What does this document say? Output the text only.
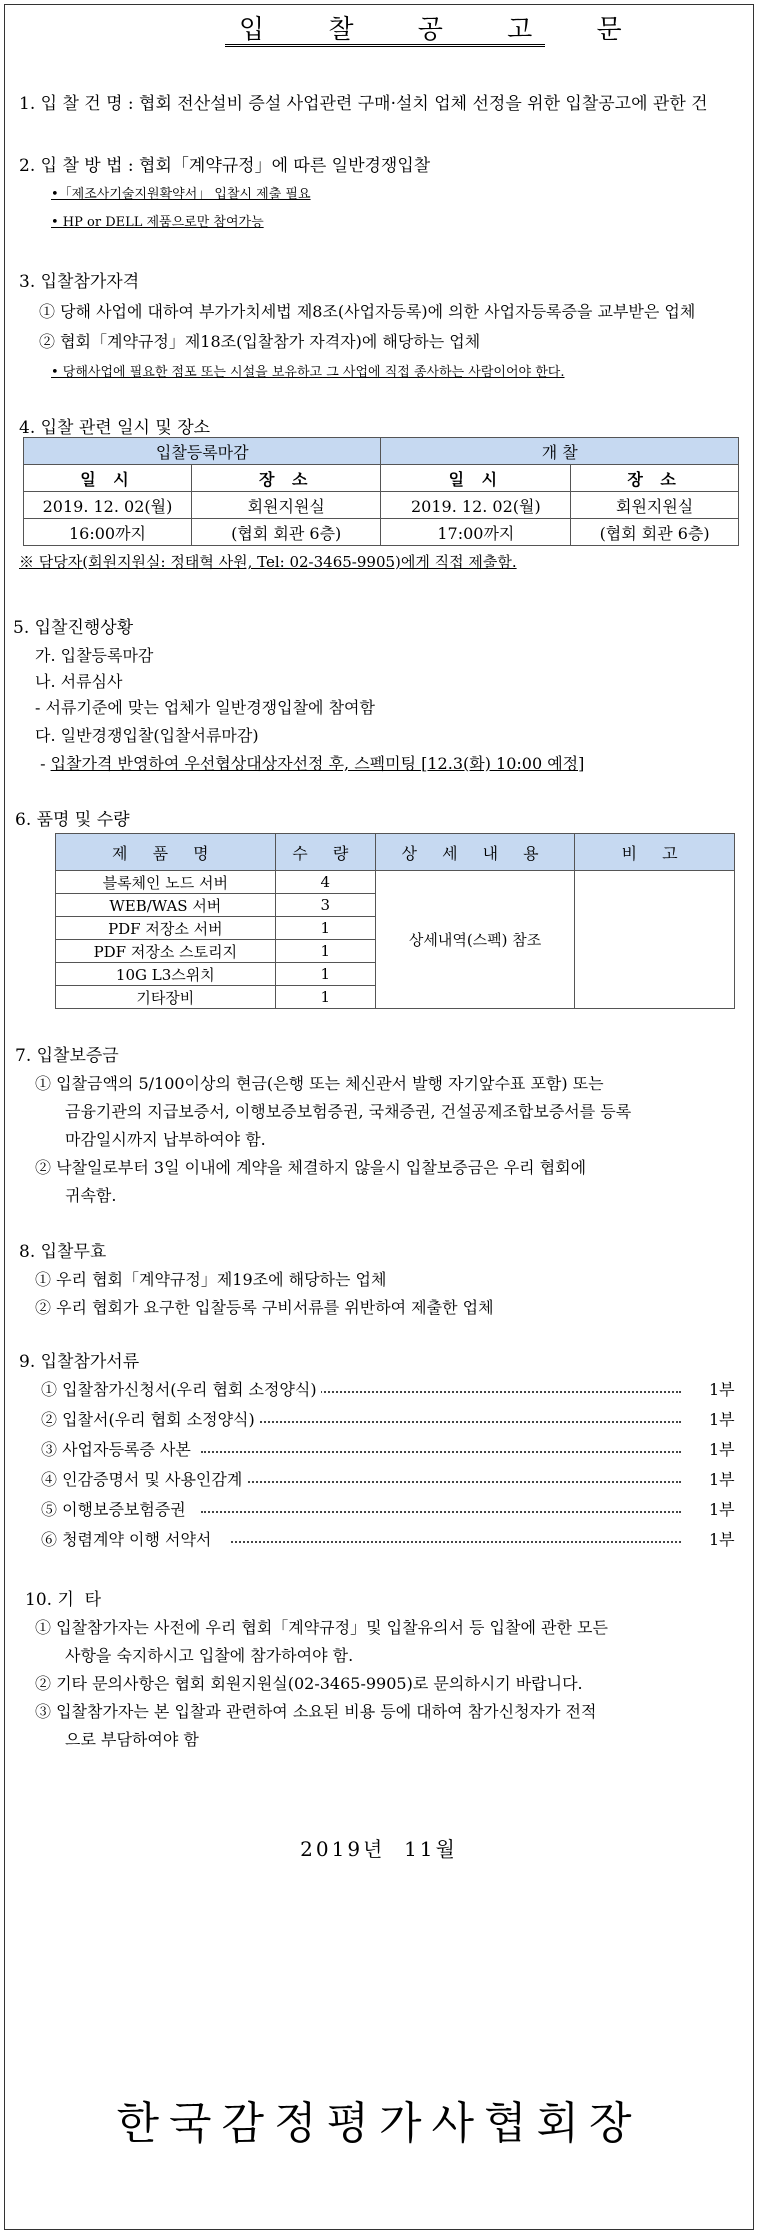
입 찰 공 고 문
1. 입 찰 건 명 : 협회 전산설비 증설 사업관련 구매·설치 업체 선정을 위한 입찰공고에 관한 건
2. 입 찰 방 법 : 협회「계약규정」에 따른 일반경쟁입찰
•「제조사기술지원확약서」 입찰시 제출 필요
• HP or DELL 제품으로만 참여가능
3. 입찰참가자격
① 당해 사업에 대하여 부가가치세법 제8조(사업자등록)에 의한 사업자등록증을 교부받은 업체
② 협회「계약규정」제18조(입찰참가 자격자)에 해당하는 업체
• 당해사업에 필요한 점포 또는 시설을 보유하고 그 사업에 직접 종사하는 사람이어야 한다.
4. 입찰 관련 일시 및 장소
입찰등록마감		개 찰	
일 시	장 소	일 시	장 소
2019. 12. 02(월)	회원지원실	2019. 12. 02(월)	회원지원실
16:00까지	(협회 회관 6층)	17:00까지	(협회 회관 6층)
※ 담당자(회원지원실: 정태혁 사원, Tel: 02-3465-9905)에게 직접 제출함.
5. 입찰진행상황
가. 입찰등록마감
나. 서류심사
- 서류기준에 맞는 업체가 일반경쟁입찰에 참여함
다. 일반경쟁입찰(입찰서류마감)
- 입찰가격 반영하여 우선협상대상자선정 후, 스펙미팅 [12.3(화) 10:00 예정]
6. 품명 및 수량
제 품 명	수 량	상 세 내 용	비 고
블록체인 노드 서버	4	상세내역(스펙) 참조	
WEB/WAS 서버	3		
PDF 저장소 서버	1		
PDF 저장소 스토리지	1		
10G L3스위치	1		
기타장비	1		
7. 입찰보증금
① 입찰금액의 5/100이상의 현금(은행 또는 체신관서 발행 자기앞수표 포함) 또는
금융기관의 지급보증서, 이행보증보험증권, 국채증권, 건설공제조합보증서를 등록
마감일시까지 납부하여야 함.
② 낙찰일로부터 3일 이내에 계약을 체결하지 않을시 입찰보증금은 우리 협회에
귀속함.
8. 입찰무효
① 우리 협회「계약규정」제19조에 해당하는 업체
② 우리 협회가 요구한 입찰등록 구비서류를 위반하여 제출한 업체
9. 입찰참가서류
① 입찰참가신청서(우리 협회 소정양식)	1부
② 입찰서(우리 협회 소정양식)	1부
③ 사업자등록증 사본	1부
④ 인감증명서 및 사용인감계	1부
⑤ 이행보증보험증권	1부
⑥ 청렴계약 이행 서약서	1부
10. 기  타
① 입찰참가자는 사전에 우리 협회「계약규정」및 입찰유의서 등 입찰에 관한 모든
사항을 숙지하시고 입찰에 참가하여야 함.
② 기타 문의사항은 협회 회원지원실(02-3465-9905)로 문의하시기 바랍니다.
③ 입찰참가자는 본 입찰과 관련하여 소요된 비용 등에 대하여 참가신청자가 전적
으로 부담하여야 함
2019년  11월
한국감정평가사협회장
